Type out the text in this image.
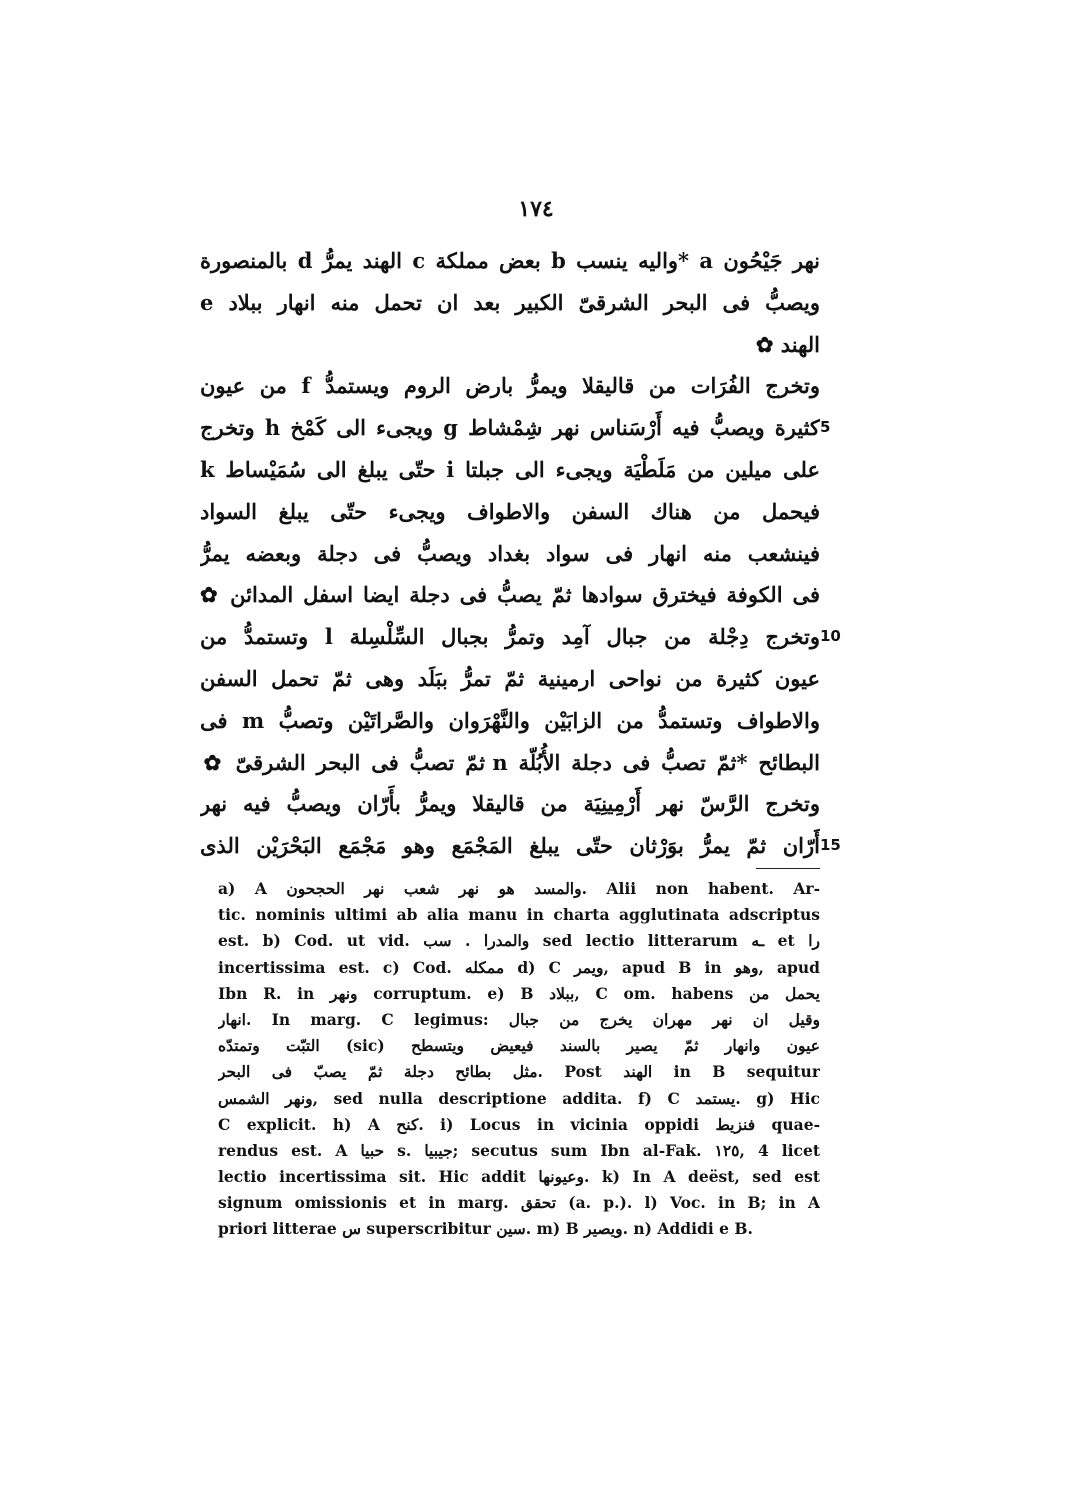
١٧٤
نهر جَيْحُون a *واليه ينسب b بعض مملكة c الهند يمرُّ d بالمنصورة
ويصبُّ فى البحر الشرقىّ الكبير بعد ان تحمل منه انهار ببلاد e
الهند ✿
وتخرج الفُرَات من قاليقلا ويمرُّ بارض الروم ويستمدُّ f من عيون
كثيرة ويصبُّ فيه أَرْسَناس نهر شِمْشاط g ويجىء الى كَمْخ h وتخرج 5
على ميلين من مَلَطْيَة ويجىء الى جبلتا i حتّى يبلغ الى سُمَيْساط k
فيحمل من هناك السفن والاطواف ويجىء حتّى يبلغ السواد
فينشعب منه انهار فى سواد بغداد ويصبُّ فى دجلة وبعضه يمرُّ
فى الكوفة فيخترق سوادها ثمّ يصبُّ فى دجلة ايضا اسفل المدائن ✿
وتخرج دِجْلة من جبال آمِد وتمرُّ بجبال السِّلْسِلة l وتستمدُّ من 10
عيون كثيرة من نواحى ارمينية ثمّ تمرُّ ببَلَد وهى ثمّ تحمل السفن
والاطواف وتستمدُّ من الزابَيْن والنَّهْرَوان والصَّراتَيْن وتصبُّ m فى
البطائح *ثمّ تصبُّ فى دجلة الأُبُلّة n ثمّ تصبُّ فى البحر الشرقىّ ✿
وتخرج الرَّسّ نهر أَرْمِينِيَة من قاليقلا ويمرُّ بأَرّان ويصبُّ فيه نهر
أَرّان ثمّ يمرُّ بوَرْثان حتّى يبلغ المَجْمَع وهو مَجْمَع البَحْرَيْن الذى 15
a) A والمسد هو نهر شعب نهر الحجحون. Alii non habent. Ar-
tic. nominis ultimi ab alia manu in charta agglutinata adscriptus
est. b) Cod. ut vid. والمدرا . سب sed lectio litterarum ـه et را
incertissima est. c) Cod. ممكله d) C ويمر, apud B in وهو, apud
Ibn R. in ونهر corruptum. e) B ببلاد, C om. habens يحمل من
انهار. In marg. C legimus: وقيل ان نهر مهران يخرج من جبال
التبّت وتمتدّه (sic) عيون وانهار ثمّ يصير بالسند فيعيض ويتسطح
مثل بطائح دجلة ثمّ يصبّ فى البحر. Post الهند in B sequitur
ونهر الشمس, sed nulla descriptione addita. f) C يستمد. g) Hic
C explicit. h) A كنح. i) Locus in vicinia oppidi فنزيط quae-
rendus est. A حبيا s. جيبيا; secutus sum Ibn al-Fak. ١٢٥, 4 licet
lectio incertissima sit. Hic addit وعيونها. k) In A deëst, sed est
signum omissionis et in marg. تحقق (a. p.). l) Voc. in B; in A
priori litterae س superscribitur سين. m) B ويصير. n) Addidi e B.
